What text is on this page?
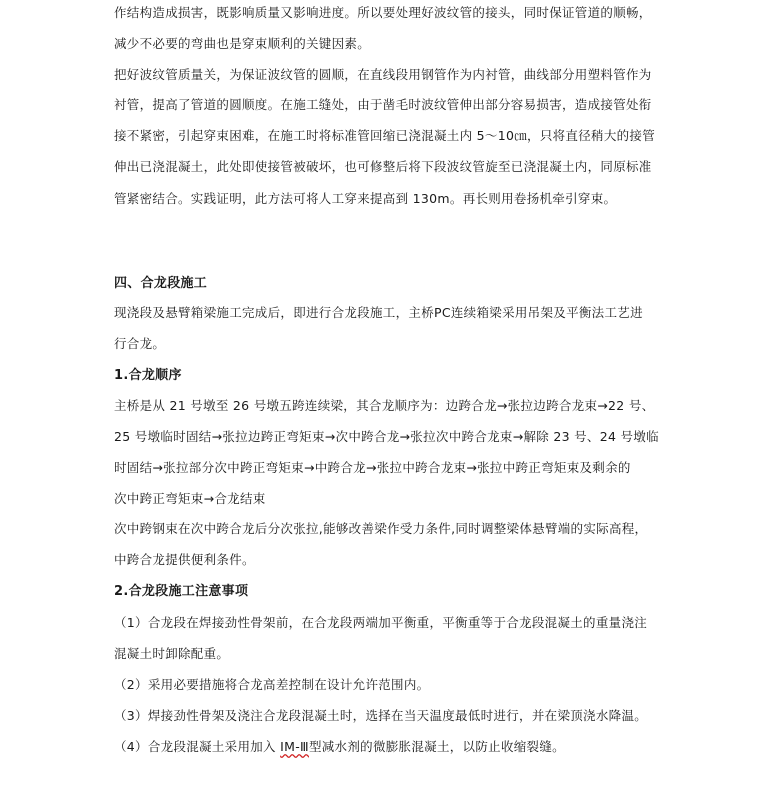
作结构造成损害，既影响质量又影响进度。所以要处理好波纹管的接头，同时保证管道的顺畅，
减少不必要的弯曲也是穿束顺利的关键因素。
把好波纹管质量关，为保证波纹管的圆顺，在直线段用钢管作为内衬管，曲线部分用塑料管作为
衬管，提高了管道的圆顺度。在施工缝处，由于凿毛时波纹管伸出部分容易损害，造成接管处衔
接不紧密，引起穿束困难，在施工时将标准管回缩已浇混凝土内 5～10㎝，只将直径稍大的接管
伸出已浇混凝土，此处即使接管被破坏，也可修整后将下段波纹管旋至已浇混凝土内，同原标准
管紧密结合。实践证明，此方法可将人工穿来提高到 130m。再长则用卷扬机牵引穿束。
四、合龙段施工
现浇段及悬臂箱梁施工完成后，即进行合龙段施工，主桥PC连续箱梁采用吊架及平衡法工艺进
行合龙。
1.合龙顺序
主桥是从 21 号墩至 26 号墩五跨连续梁，其合龙顺序为：边跨合龙→张拉边跨合龙束→22 号、
25 号墩临时固结→张拉边跨正弯矩束→次中跨合龙→张拉次中跨合龙束→解除 23 号、24 号墩临
时固结→张拉部分次中跨正弯矩束→中跨合龙→张拉中跨合龙束→张拉中跨正弯矩束及剩余的
次中跨正弯矩束→合龙结束
次中跨钢束在次中跨合龙后分次张拉,能够改善梁作受力条件,同时调整梁体悬臂端的实际高程，
中跨合龙提供便利条件。
2.合龙段施工注意事项
（1）合龙段在焊接劲性骨架前，在合龙段两端加平衡重，平衡重等于合龙段混凝土的重量浇注
混凝土时卸除配重。
（2）采用必要措施将合龙高差控制在设计允许范围内。
（3）焊接劲性骨架及浇注合龙段混凝土时，选择在当天温度最低时进行，并在梁顶浇水降温。
（4）合龙段混凝土采用加入 IM-Ⅲ型减水剂的微膨胀混凝土，以防止收缩裂缝。
